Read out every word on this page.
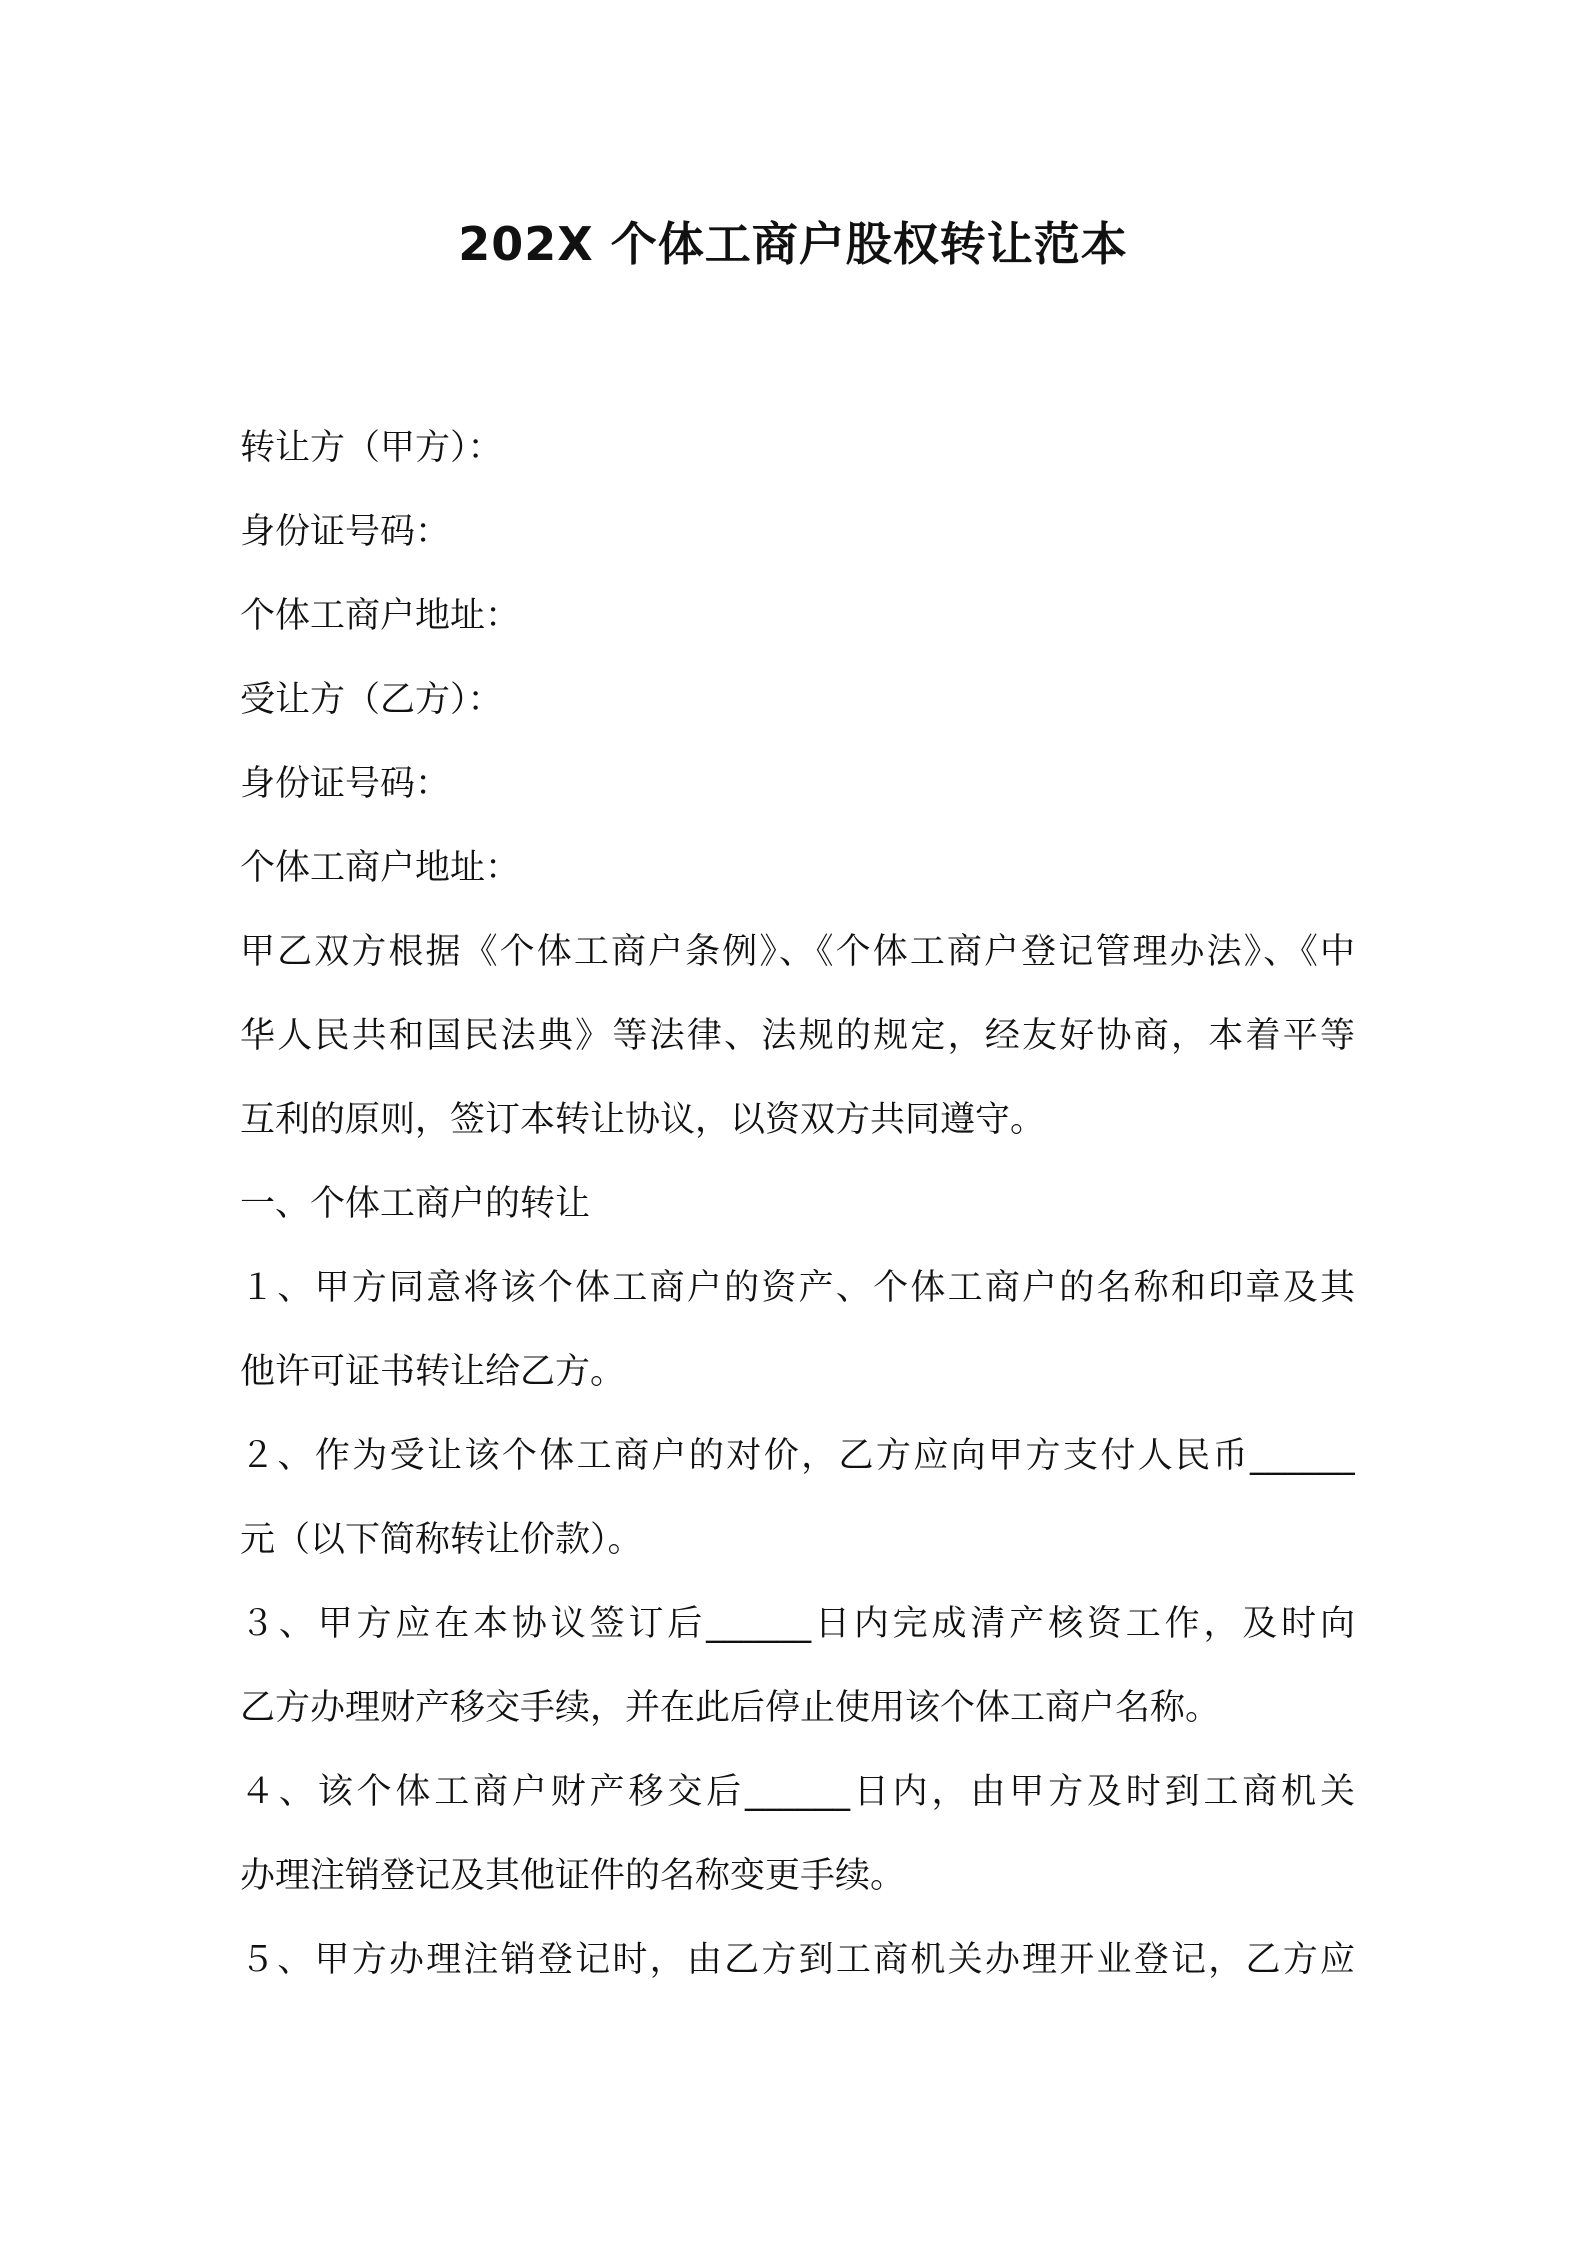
202X 个体工商户股权转让范本
转让方（甲方）：
身份证号码：
个体工商户地址：
受让方（乙方）：
身份证号码：
个体工商户地址：
甲乙双方根据《个体工商户条例》、《个体工商户登记管理办法》、《中
华人民共和国民法典》等法律、法规的规定，经友好协商，本着平等
互利的原则，签订本转让协议，以资双方共同遵守。
一、个体工商户的转让
１、甲方同意将该个体工商户的资产、个体工商户的名称和印章及其
他许可证书转让给乙方。
２、作为受让该个体工商户的对价，乙方应向甲方支付人民币______
元（以下简称转让价款）。
３、甲方应在本协议签订后______日内完成清产核资工作，及时向
乙方办理财产移交手续，并在此后停止使用该个体工商户名称。
４、该个体工商户财产移交后______日内，由甲方及时到工商机关
办理注销登记及其他证件的名称变更手续。
５、甲方办理注销登记时，由乙方到工商机关办理开业登记，乙方应
